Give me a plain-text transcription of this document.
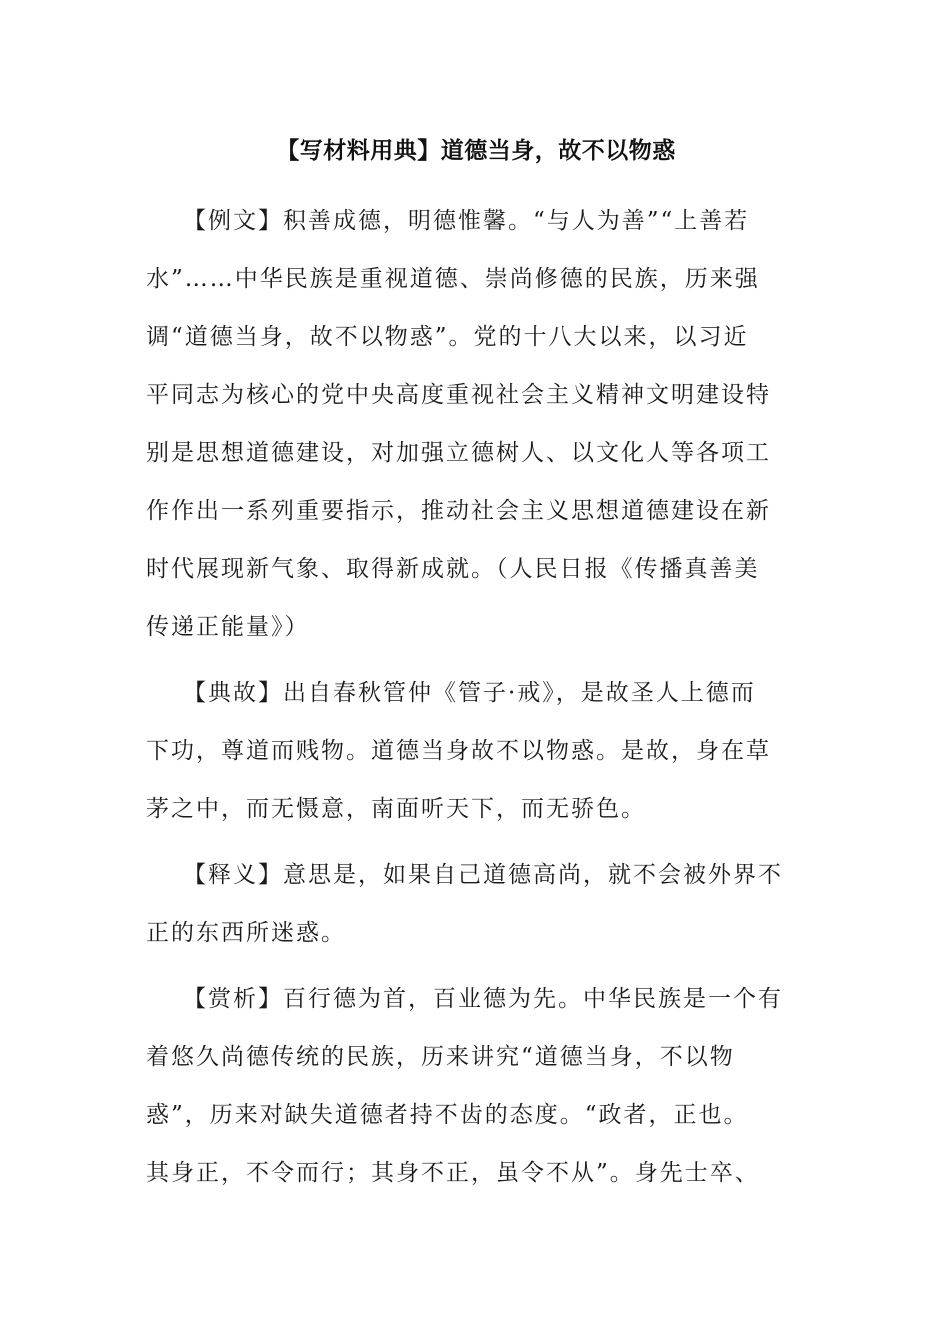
【写材料用典】道德当身，故不以物惑
【例文】积善成德，明德惟馨。“与人为善”“上善若
水”……中华民族是重视道德、崇尚修德的民族，历来强
调“道德当身，故不以物惑”。党的十八大以来，以习近
平同志为核心的党中央高度重视社会主义精神文明建设特
别是思想道德建设，对加强立德树人、以文化人等各项工
作作出一系列重要指示，推动社会主义思想道德建设在新
时代展现新气象、取得新成就。（人民日报《传播真善美
传递正能量》）
【典故】出自春秋管仲《管子·戒》，是故圣人上德而
下功，尊道而贱物。道德当身故不以物惑。是故，身在草
茅之中，而无慑意，南面听天下，而无骄色。
【释义】意思是，如果自己道德高尚，就不会被外界不
正的东西所迷惑。
【赏析】百行德为首，百业德为先。中华民族是一个有
着悠久尚德传统的民族，历来讲究“道德当身，不以物
惑”，历来对缺失道德者持不齿的态度。“政者，正也。
其身正，不令而行；其身不正，虽令不从”。身先士卒、
